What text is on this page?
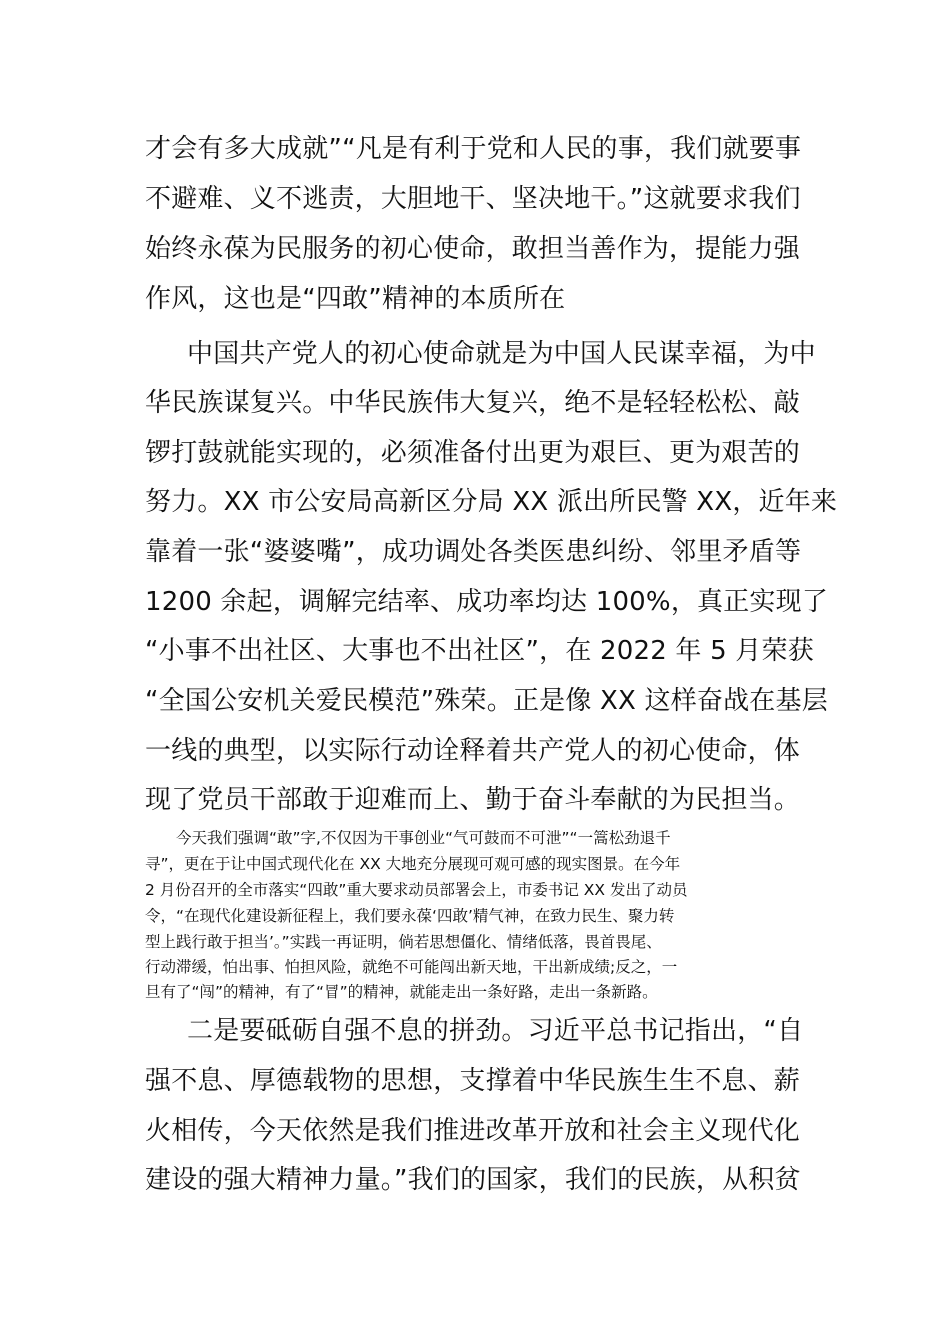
才会有多大成就”“凡是有利于党和人民的事，我们就要事
不避难、义不逃责，大胆地干、坚决地干。”这就要求我们
始终永葆为民服务的初心使命，敢担当善作为，提能力强
作风，这也是“四敢”精神的本质所在
中国共产党人的初心使命就是为中国人民谋幸福，为中
华民族谋复兴。中华民族伟大复兴，绝不是轻轻松松、敲
锣打鼓就能实现的，必须准备付出更为艰巨、更为艰苦的
努力。XX 市公安局高新区分局 XX 派出所民警 XX，近年来
靠着一张“婆婆嘴”，成功调处各类医患纠纷、邻里矛盾等
1200 余起，调解完结率、成功率均达 100%，真正实现了
“小事不出社区、大事也不出社区”，在 2022 年 5 月荣获
“全国公安机关爱民模范”殊荣。正是像 XX 这样奋战在基层
一线的典型，以实际行动诠释着共产党人的初心使命，体
现了党员干部敢于迎难而上、勤于奋斗奉献的为民担当。
今天我们强调“敢”字,不仅因为干事创业“气可鼓而不可泄”“一篙松劲退千
寻”，更在于让中国式现代化在 XX 大地充分展现可观可感的现实图景。在今年
2 月份召开的全市落实“四敢”重大要求动员部署会上，市委书记 XX 发出了动员
令，“在现代化建设新征程上，我们要永葆‘四敢’精气神，在致力民生、聚力转
型上践行敢于担当’。”实践一再证明，倘若思想僵化、情绪低落，畏首畏尾、
行动滞缓，怕出事、怕担风险，就绝不可能闯出新天地，干出新成绩;反之，一
旦有了“闯”的精神，有了“冒”的精神，就能走出一条好路，走出一条新路。
二是要砥砺自强不息的拼劲。习近平总书记指出，“自
强不息、厚德载物的思想，支撑着中华民族生生不息、薪
火相传，今天依然是我们推进改革开放和社会主义现代化
建设的强大精神力量。”我们的国家，我们的民族，从积贫
